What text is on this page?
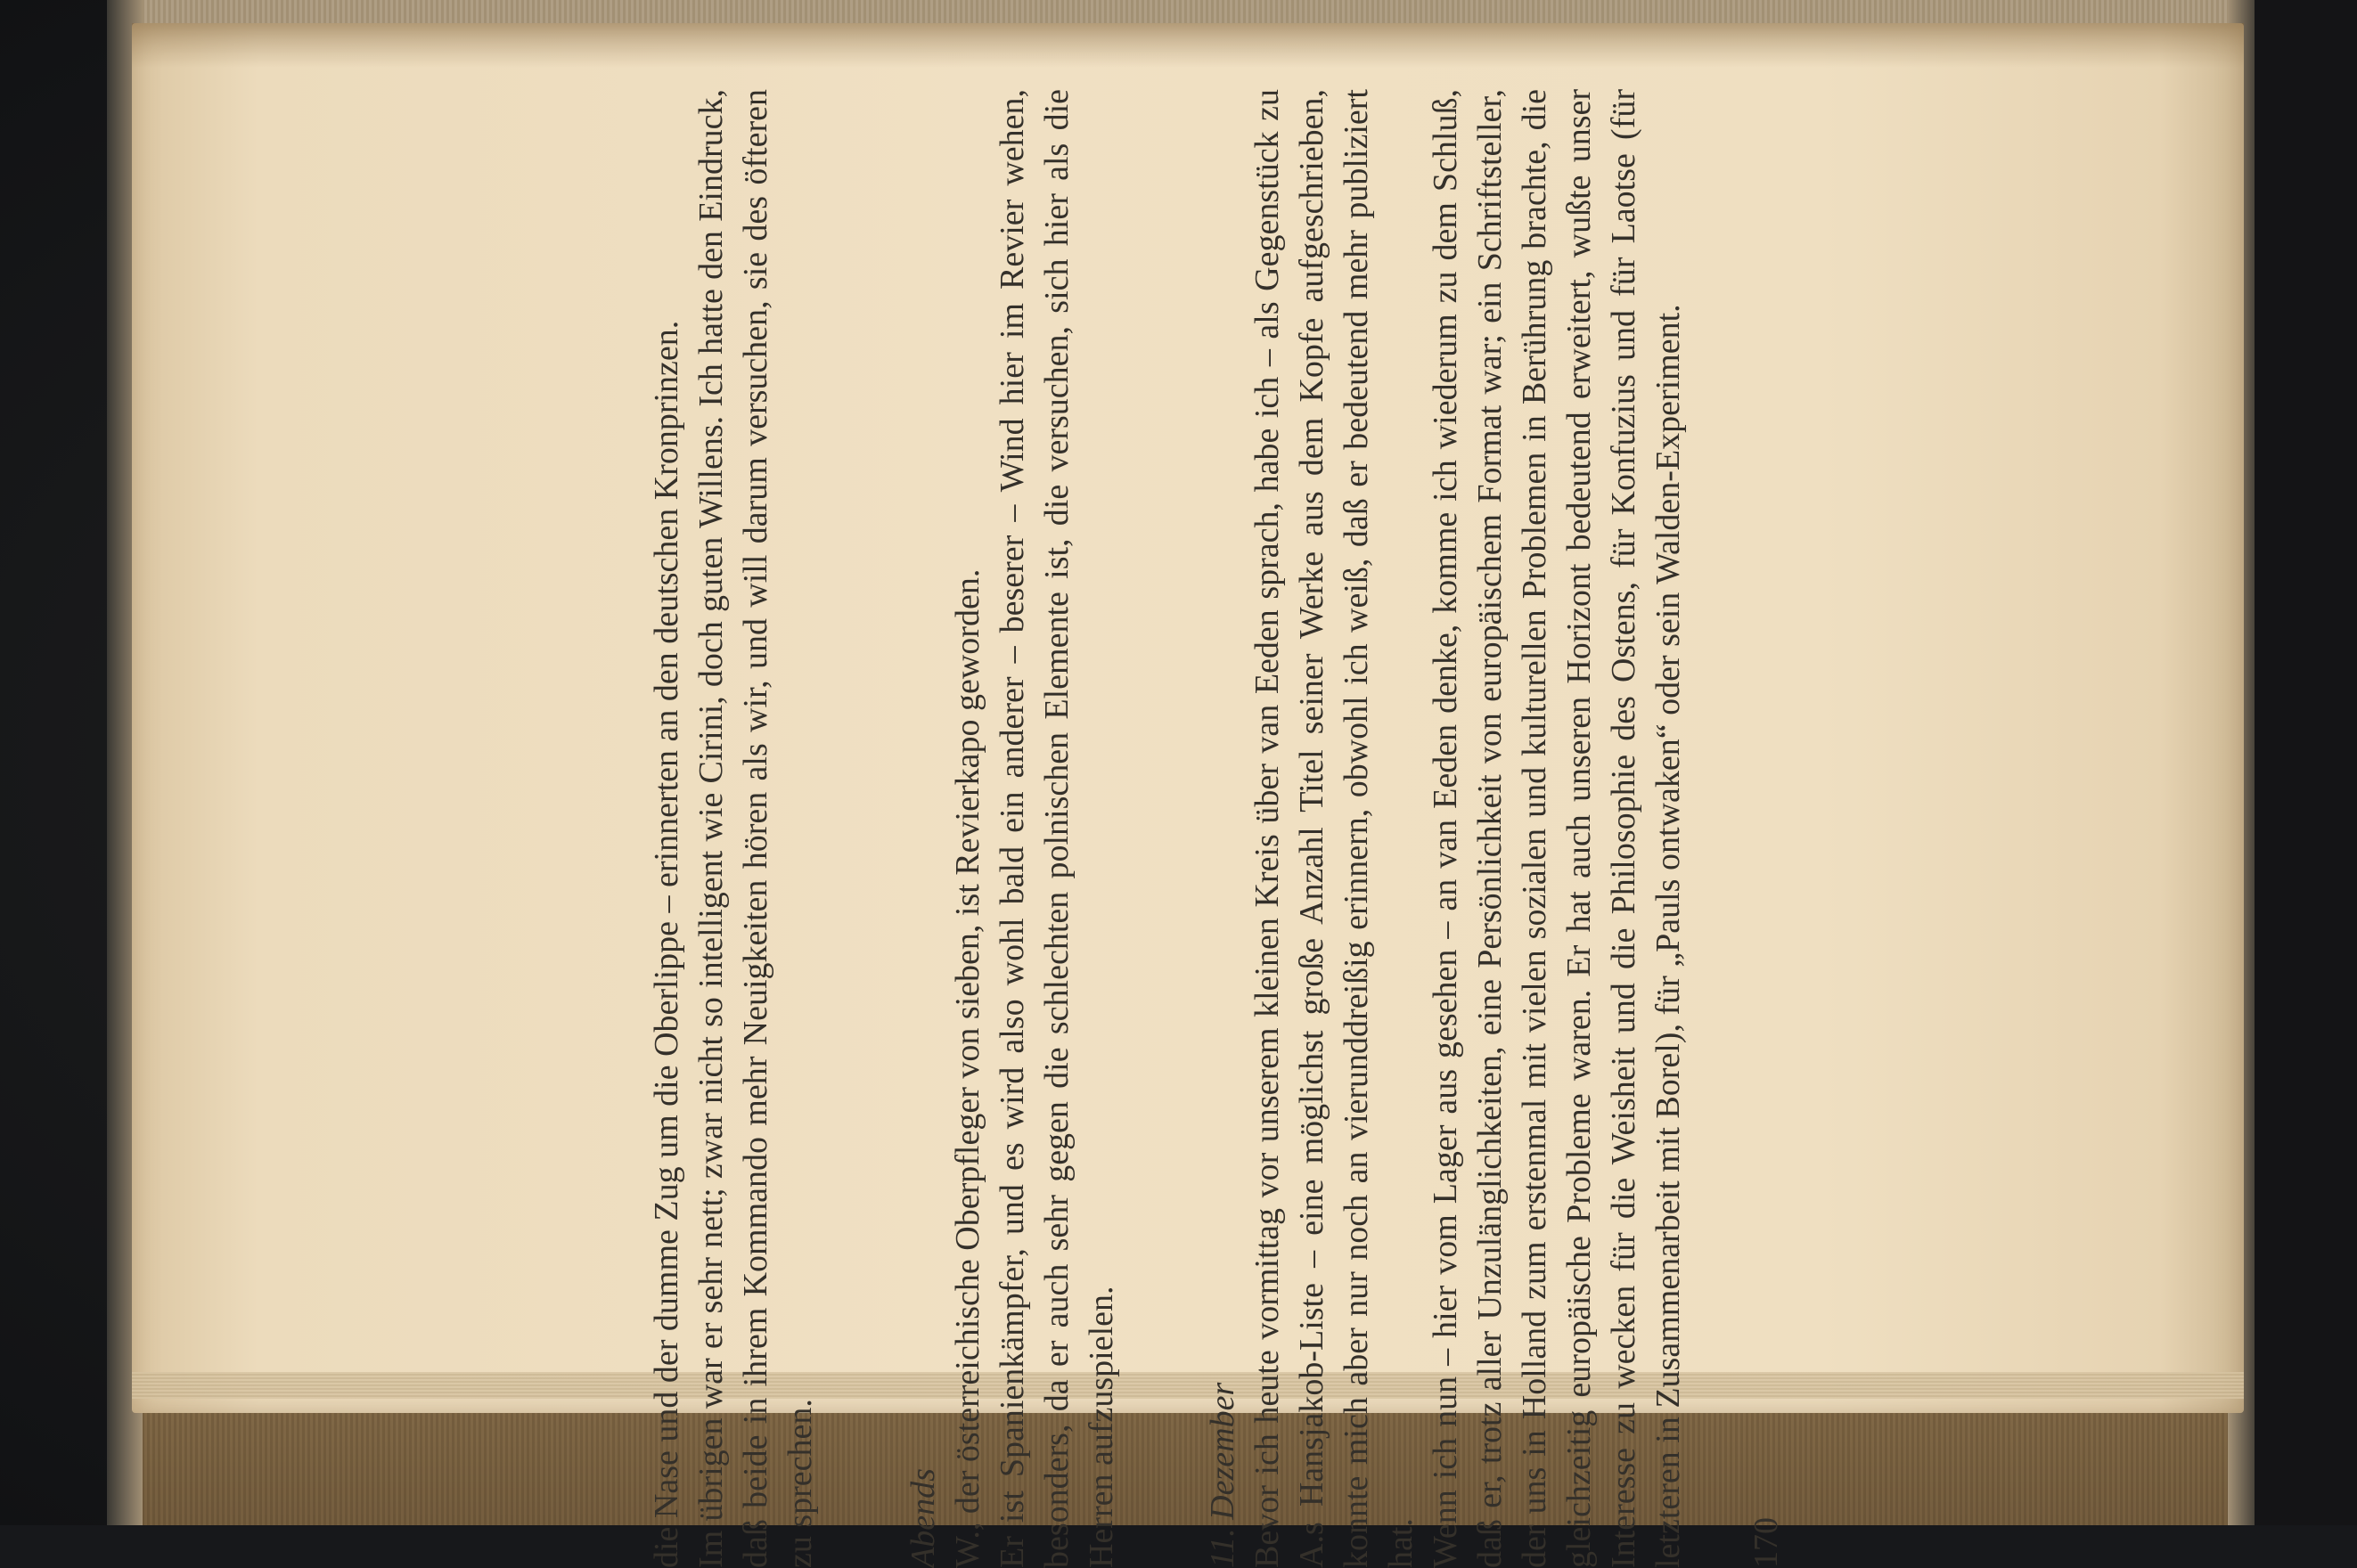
die Nase und der dumme Zug um die Oberlippe – erinnerten an den deutschen Kronprinzen. Im übrigen war er sehr nett; zwar nicht so intelligent wie Cirini, doch guten Willens. Ich hatte den Eindruck, daß beide in ihrem Kommando mehr Neuigkeiten hören als wir, und will darum versuchen, sie des öfteren zu sprechen.	Abends W., der österreichische Oberpfleger von sieben, ist Revierkapo geworden. Er ist Spanienkämpfer, und es wird also wohl bald ein anderer – beserer – Wind hier im Revier wehen, besonders, da er auch sehr gegen die schlechten polnischen Elemente ist, die versuchen, sich hier als die Herren aufzuspielen. 11. Dezember Bevor ich heute vormittag vor unserem kleinen Kreis über van Eeden sprach, habe ich – als Gegenstück zu A.s Hansjakob-Liste – eine möglichst große Anzahl Titel seiner Werke aus dem Kopfe aufgeschrieben, konnte mich aber nur noch an vierunddreißig erinnern, obwohl ich weiß, daß er bedeutend mehr publiziert hat. Wenn ich nun – hier vom Lager aus gesehen – an van Eeden denke, komme ich wiederum zu dem Schluß, daß er, trotz aller Unzulänglichkeiten, eine Persönlichkeit von europäischem Format war; ein Schriftsteller, der uns in Holland zum erstenmal mit vielen sozialen und kulturellen Problemen in Berührung brachte, die gleichzeitig europäische Probleme waren. Er hat auch unseren Horizont bedeutend erweitert, wußte unser Interesse zu wecken für die Weisheit und die Philosophie des Ostens, für Konfuzius und für Laotse (für letzteren in Zusammenarbeit mit Borel), für „Pauls ontwaken“ oder sein Walden-Experiment. 170
